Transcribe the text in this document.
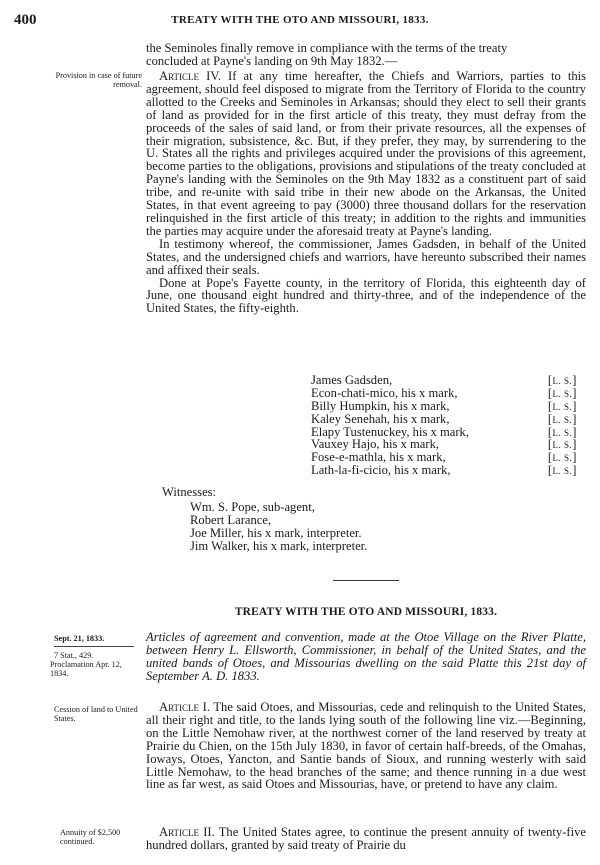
400	TREATY WITH THE OTO AND MISSOURI, 1833.

the Seminoles finally remove in compliance with the terms of the treaty

concluded at Payne's landing on 9th May 1832.—

Provision in case of future removal.

Article IV. If at any time hereafter, the Chiefs and Warriors, parties to this agreement, should feel disposed to migrate from the Territory of Florida to the country allotted to the Creeks and Seminoles in Arkansas; should they elect to sell their grants of land as provided for in the first article of this treaty, they must defray from the proceeds of the sales of said land, or from their private resources, all the expenses of their migration, subsistence, &c. But, if they prefer, they may, by surrendering to the U. States all the rights and privileges acquired under the provisions of this agreement, become parties to the obligations, provisions and stipulations of the treaty concluded at Payne's landing with the Seminoles on the 9th May 1832 as a constituent part of said tribe, and re-unite with said tribe in their new abode on the Arkansas, the United States, in that event agreeing to pay (3000) three thousand dollars for the reservation relinquished in the first article of this treaty; in addition to the rights and immunities the parties may acquire under the aforesaid treaty at Payne's landing.

In testimony whereof, the commissioner, James Gadsden, in behalf of the United States, and the undersigned chiefs and warriors, have hereunto subscribed their names and affixed their seals.

Done at Pope's Fayette county, in the territory of Florida, this eighteenth day of June, one thousand eight hundred and thirty-three, and of the independence of the United States, the fifty-eighth.

James Gadsden,	[L. S.]
Econ-chati-mico, his x mark,	[L. S.]
Billy Humpkin, his x mark,	[L. S.]
Kaley Senehah, his x mark,	[L. S.]
Elapy Tustenuckey, his x mark,	[L. S.]
Vauxey Hajo, his x mark,	[L. S.]
Fose-e-mathla, his x mark,	[L. S.]
Lath-la-fi-cicio, his x mark,	[L. S.]
Witnesses:
Wm. S. Pope, sub-agent,
Robert Larance,
Joe Miller, his x mark, interpreter.
Jim Walker, his x mark, interpreter.
TREATY WITH THE OTO AND MISSOURI, 1833.
Sept. 21, 1833.
7 Stat., 429.
Proclamation Apr. 12, 1834.
Articles of agreement and convention, made at the Otoe Village on the River Platte, between Henry L. Ellsworth, Commissioner, in behalf of the United States, and the united bands of Otoes, and Missourias dwelling on the said Platte this 21st day of September A. D. 1833.
Cession of land to United States.

Article I. The said Otoes, and Missourias, cede and relinquish to the United States, all their right and title, to the lands lying south of the following line viz.—Beginning, on the Little Nemohaw river, at the northwest corner of the land reserved by treaty at Prairie du Chien, on the 15th July 1830, in favor of certain half-breeds, of the Omahas, Ioways, Otoes, Yancton, and Santie bands of Sioux, and running westerly with said Little Nemohaw, to the head branches of the same; and thence running in a due west line as far west, as said Otoes and Missourias, have, or pretend to have any claim.

Annuity of $2,500 continued.

Article II. The United States agree, to continue the present annuity of twenty-five hundred dollars, granted by said treaty of Prairie du
